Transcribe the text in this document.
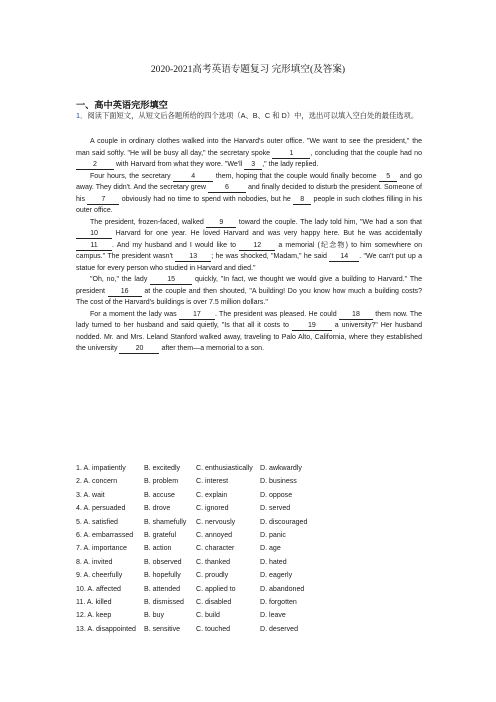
2020-2021高考英语专题复习 完形填空(及答案)
一、高中英语完形填空
1．阅读下面短文，从短文后各题所给的四个选项（A、B、C 和 D）中，选出可以填入空白处的最佳选项。

A couple in ordinary clothes walked into the Harvard's outer office. "We want to see the president," the man said softly. "He will be busy all day," the secretary spoke 1 , concluding that the couple had no 2 with Harvard from what they wore. "We'll 3 ," the lady replied.

Four hours, the secretary	4	them, hoping that the couple would finally become 5 and go away. They didn't. And the secretary grew 6 and finally decided to disturb the president. Someone of his 7 obviously had no time to spend with nobodies, but he 8 people in such clothes filling in his outer office.

The president, frozen-faced, walked 9 toward the couple. The lady told him, "We had a son that 10 Harvard for one year. He loved Harvard and was very happy here. But he was accidentally 11 . And my husband and I would like to 12 a memorial (纪念物) to him somewhere on campus." The president wasn't 13 ; he was shocked, "Madam," he said 14 . "We can't put up a statue for every person who studied in Harvard and died."

"Oh, no," the lady 15 quickly, "In fact, we thought we would give a building to Harvard." The president 16 at the couple and then shouted, "A building! Do you know how much a building costs? The cost of the Harvard's buildings is over 7.5 million dollars."

For a moment the lady was 17 . The president was pleased. He could 18 them now. The lady turned to her husband and said quietly, "Is that all it costs to 19 a university?" Her husband nodded. Mr. and Mrs. Leland Stanford walked away, traveling to Palo Alto, California, where they established the university 20 after them—a memorial to a son.

1. A. impatiently	B. excitedly C. enthusiastically D. awkwardly
2. A. concern	B. problem	C. interest	D. business
3. A. wait	B. accuse	C. explain	D. oppose
4. A. persuaded	B. drove	C. ignored	D. served
5. A. satisfied	B. shamefully C. nervously	D. discouraged
6. A. embarrassed B. grateful	C. annoyed	D. panic
7. A. importance B. action	C. character	D. age
8. A. invited	B. observed C. thanked	D. hated
9. A. cheerfully	B. hopefully C. proudly	D. eagerly
10. A. affected	B. attended C. applied to	D. abandoned
11. A. killed	B. dismissed C. disabled	D. forgotten
12. A. keep	B. buy	C. build	D. leave
13. A. disappointed B. sensitive C. touched	D. deserved
